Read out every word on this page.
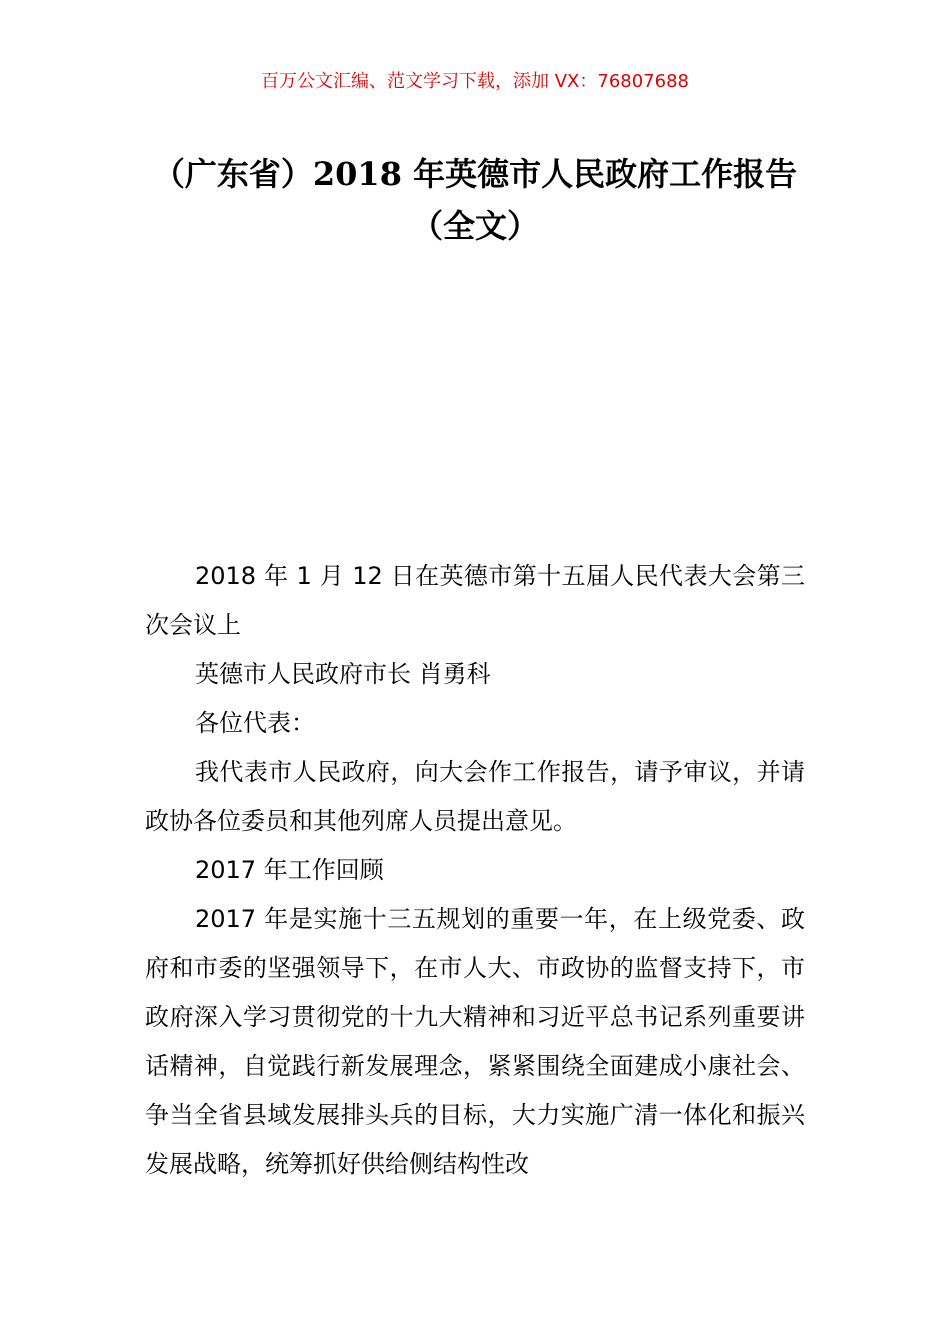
百万公文汇编、范文学习下载，添加 VX：76807688
（广东省）2018 年英德市人民政府工作报告（全文）

2018 年 1 月 12 日在英德市第十五届人民代表大会第三次会议上

英德市人民政府市长 肖勇科

各位代表：

我代表市人民政府，向大会作工作报告，请予审议，并请政协各位委员和其他列席人员提出意见。

2017 年工作回顾

2017 年是实施十三五规划的重要一年，在上级党委、政府和市委的坚强领导下，在市人大、市政协的监督支持下，市政府深入学习贯彻党的十九大精神和习近平总书记系列重要讲话精神，自觉践行新发展理念，紧紧围绕全面建成小康社会、争当全省县域发展排头兵的目标，大力实施广清一体化和振兴发展战略，统筹抓好供给侧结构性改
